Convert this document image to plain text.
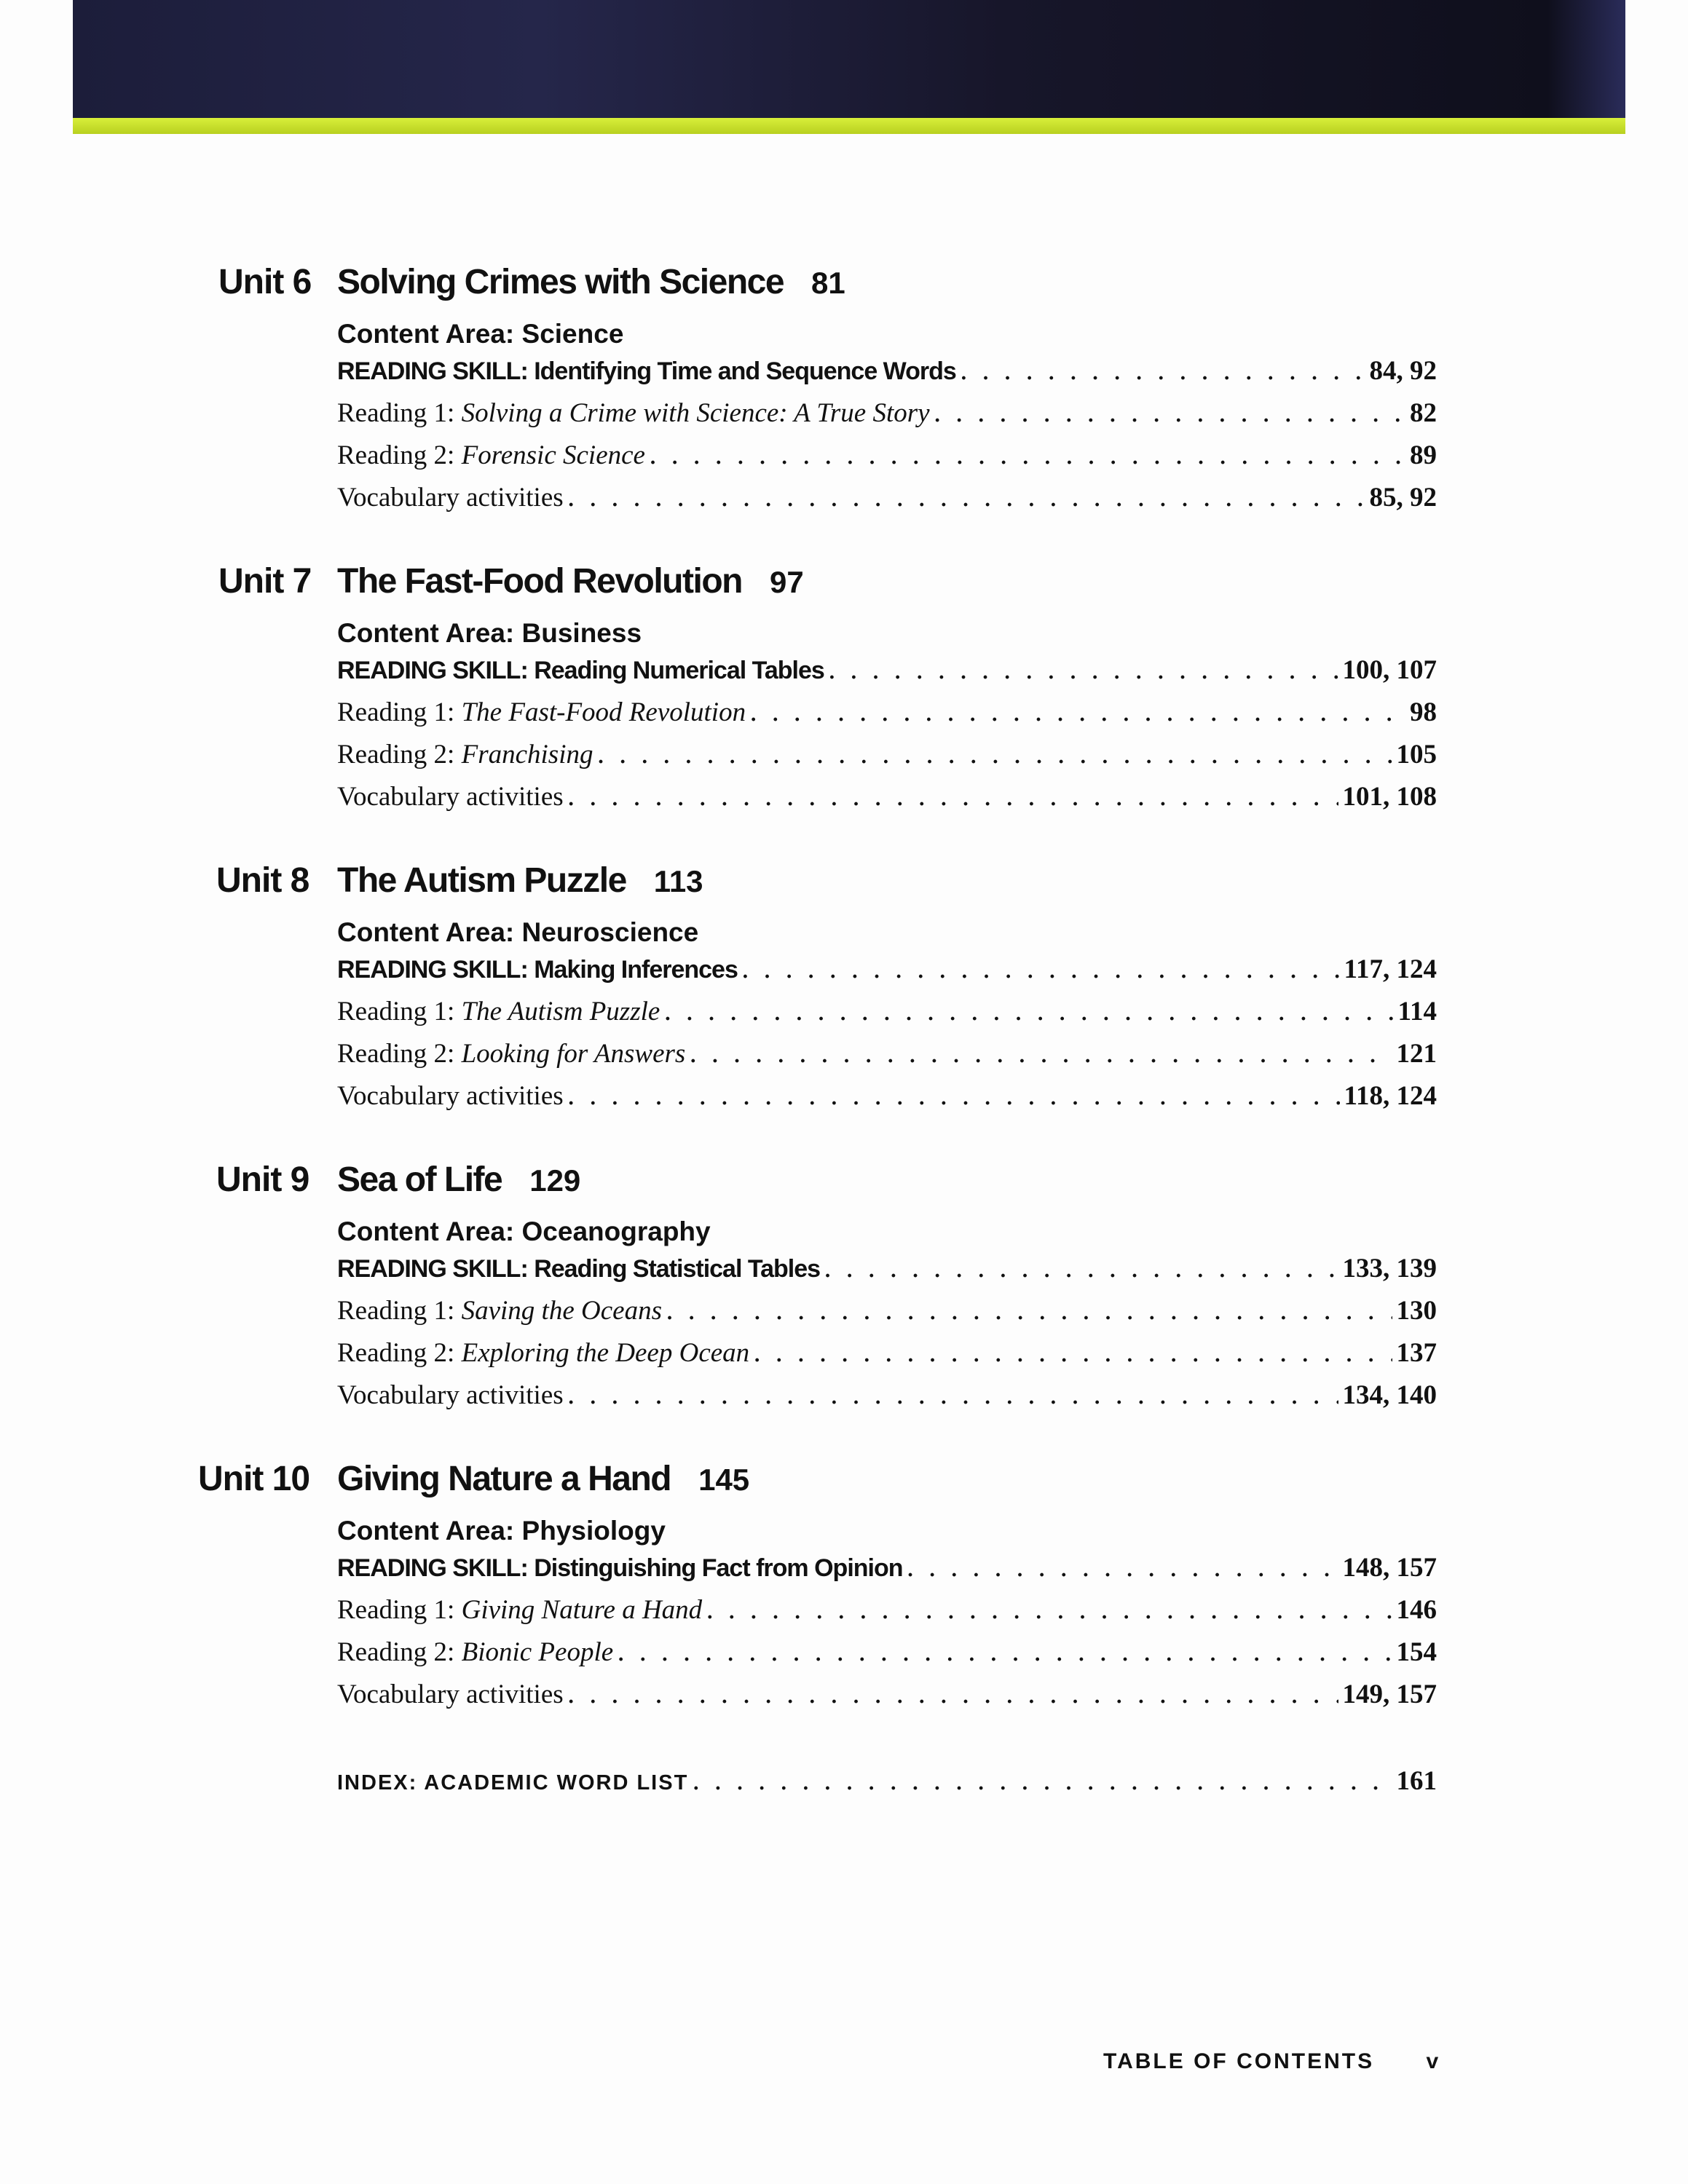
Unit 6 Solving Crimes with Science 81
Content Area: Science
READING SKILL: Identifying Time and Sequence Words . . .	84, 92
Reading 1: Solving a Crime with Science: A True Story . . .	82
Reading 2: Forensic Science . . .	89
Vocabulary activities . . .	85, 92
Unit 7 The Fast-Food Revolution 97
Content Area: Business
READING SKILL: Reading Numerical Tables . . .	100, 107
Reading 1: The Fast-Food Revolution . . .	98
Reading 2: Franchising . . .	105
Vocabulary activities . . .	101, 108
Unit 8 The Autism Puzzle 113
Content Area: Neuroscience
READING SKILL: Making Inferences . . .	117, 124
Reading 1: The Autism Puzzle . . .	114
Reading 2: Looking for Answers . . .	121
Vocabulary activities . . .	118, 124
Unit 9 Sea of Life 129
Content Area: Oceanography
READING SKILL: Reading Statistical Tables . . .	133, 139
Reading 1: Saving the Oceans . . .	130
Reading 2: Exploring the Deep Ocean . . .	137
Vocabulary activities . . .	134, 140
Unit 10 Giving Nature a Hand 145
Content Area: Physiology
READING SKILL: Distinguishing Fact from Opinion . . .	148, 157
Reading 1: Giving Nature a Hand . . .	146
Reading 2: Bionic People . . .	154
Vocabulary activities . . .	149, 157
INDEX: ACADEMIC WORD LIST . . .	161
TABLE OF CONTENTS v
